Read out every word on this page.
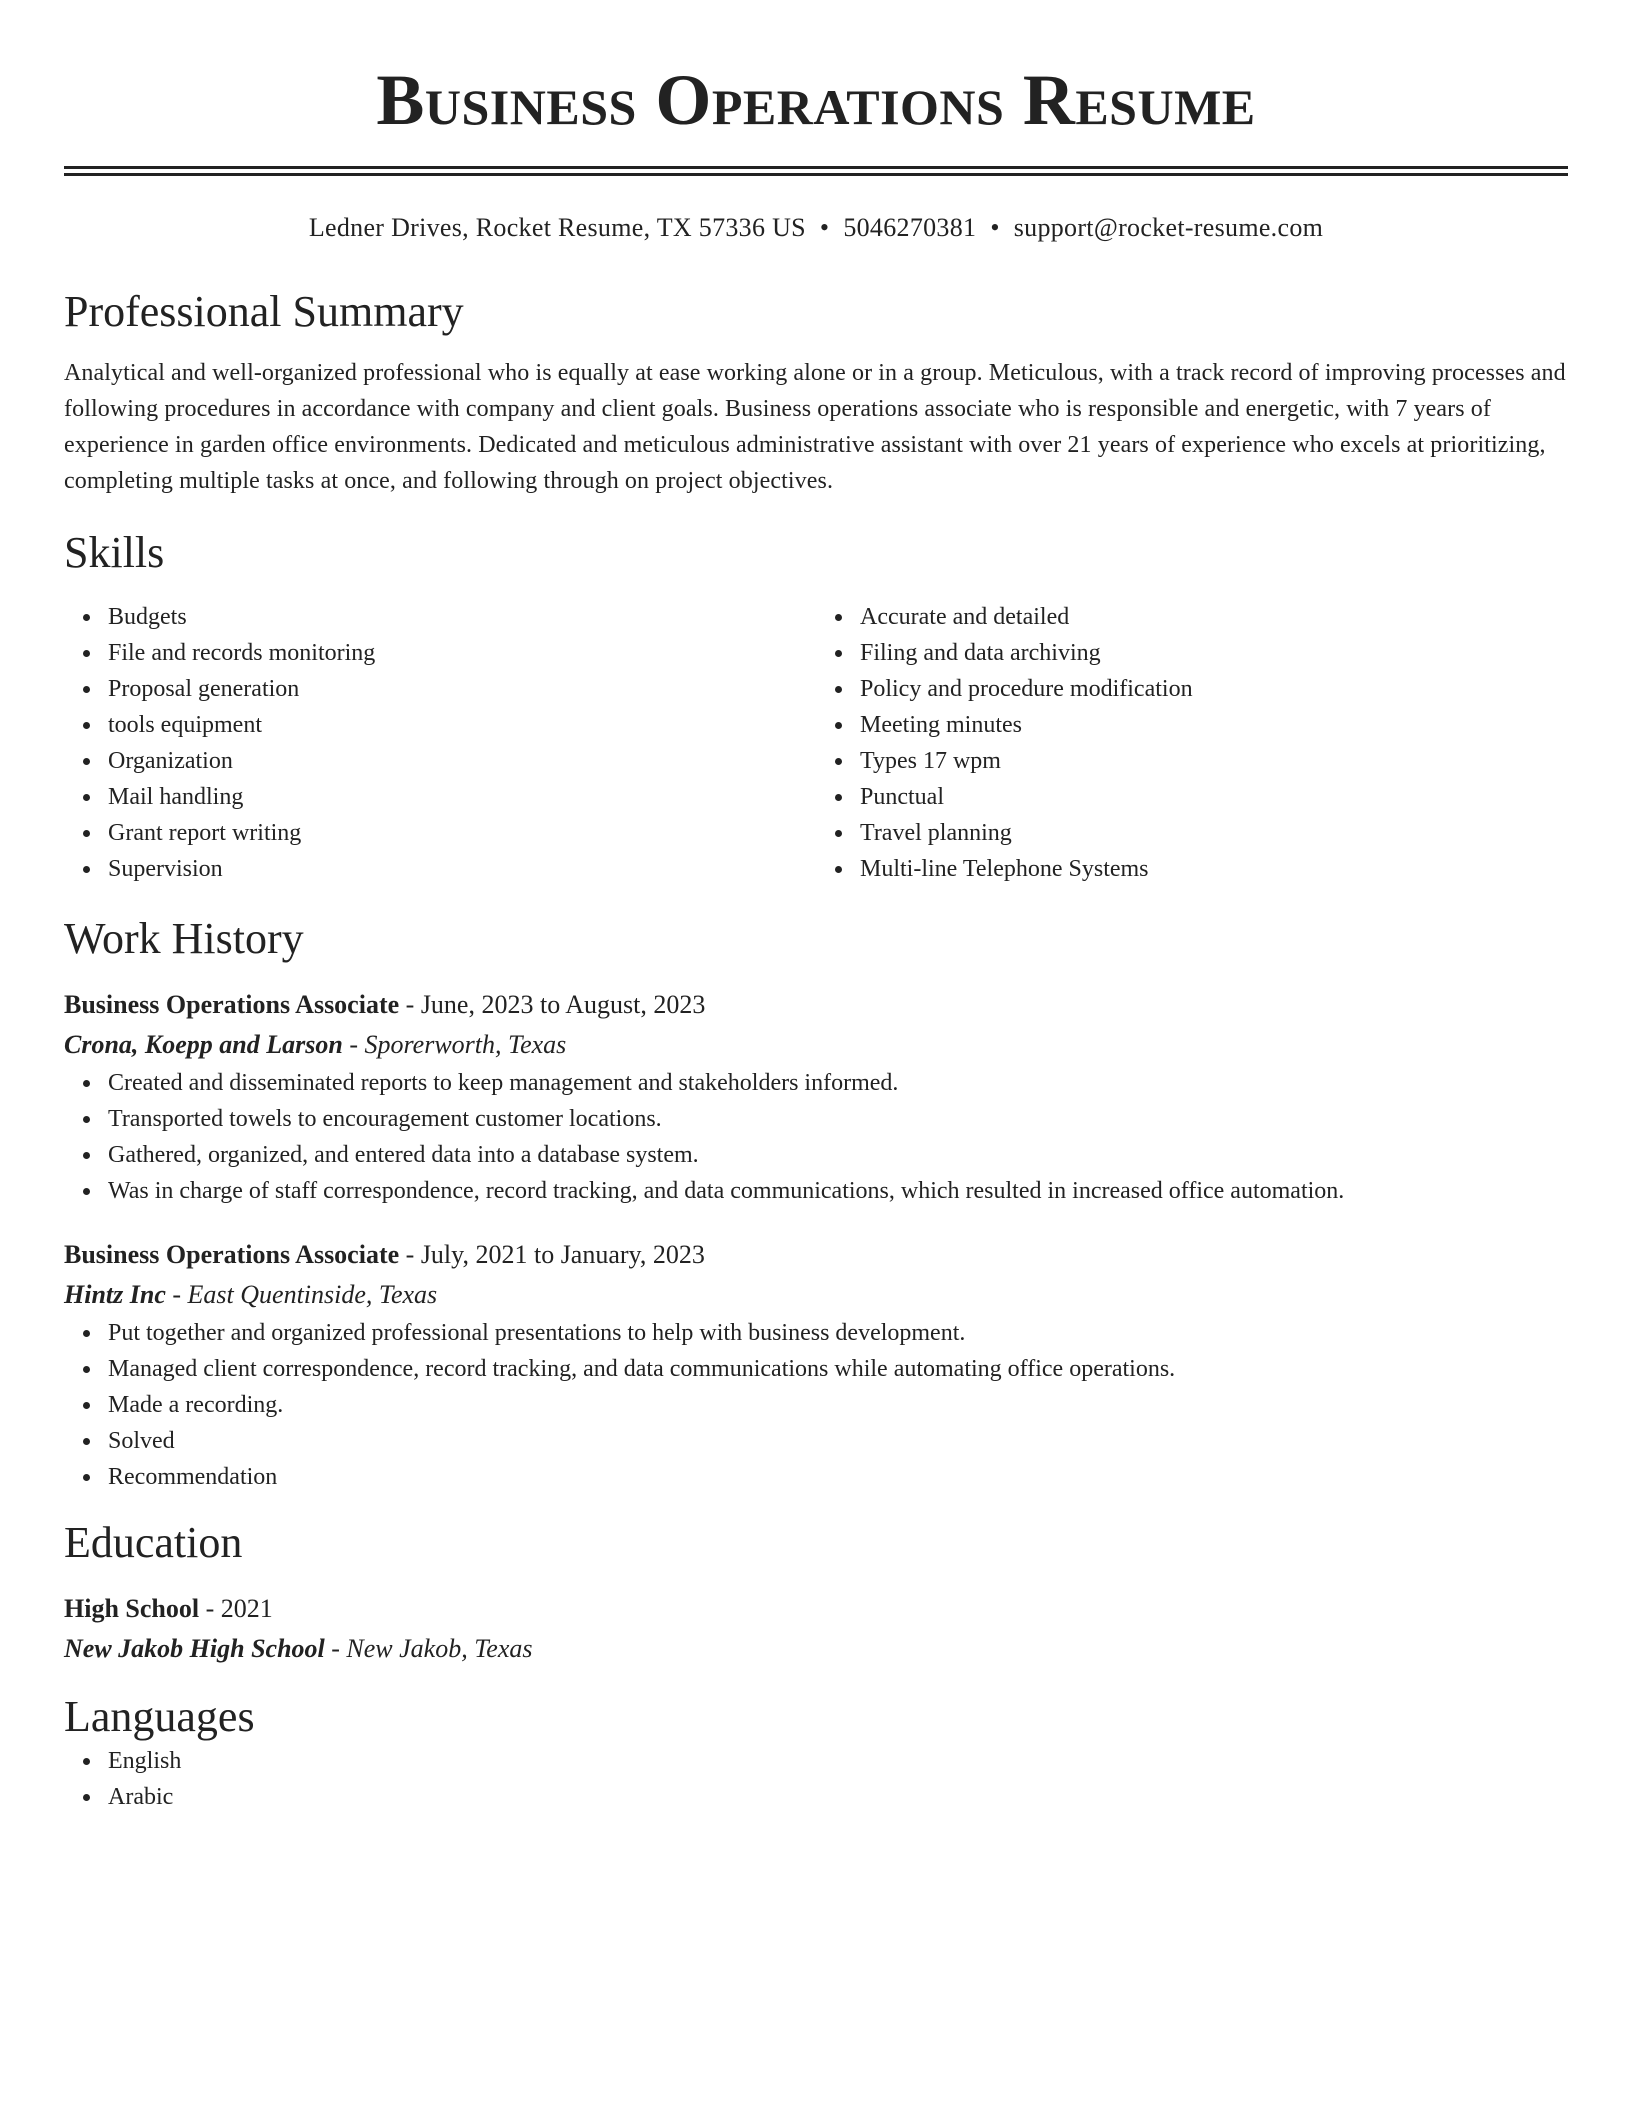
Business Operations Resume
Ledner Drives, Rocket Resume, TX 57336 US • 5046270381 • support@rocket-resume.com
Professional Summary

Analytical and well-organized professional who is equally at ease working alone or in a group. Meticulous, with a track record of improving processes and following procedures in accordance with company and client goals. Business operations associate who is responsible and energetic, with 7 years of experience in garden office environments. Dedicated and meticulous administrative assistant with over 21 years of experience who excels at prioritizing, completing multiple tasks at once, and following through on project objectives.

Skills
Budgets
File and records monitoring
Proposal generation
tools equipment
Organization
Mail handling
Grant report writing
Supervision
Accurate and detailed
Filing and data archiving
Policy and procedure modification
Meeting minutes
Types 17 wpm
Punctual
Travel planning
Multi-line Telephone Systems
Work History
Business Operations Associate - June, 2023 to August, 2023
Crona, Koepp and Larson - Sporerworth, Texas
Created and disseminated reports to keep management and stakeholders informed.
Transported towels to encouragement customer locations.
Gathered, organized, and entered data into a database system.
Was in charge of staff correspondence, record tracking, and data communications, which resulted in increased office automation.
Business Operations Associate - July, 2021 to January, 2023
Hintz Inc - East Quentinside, Texas
Put together and organized professional presentations to help with business development.
Managed client correspondence, record tracking, and data communications while automating office operations.
Made a recording.
Solved
Recommendation
Education
High School - 2021
New Jakob High School - New Jakob, Texas
Languages
English
Arabic
